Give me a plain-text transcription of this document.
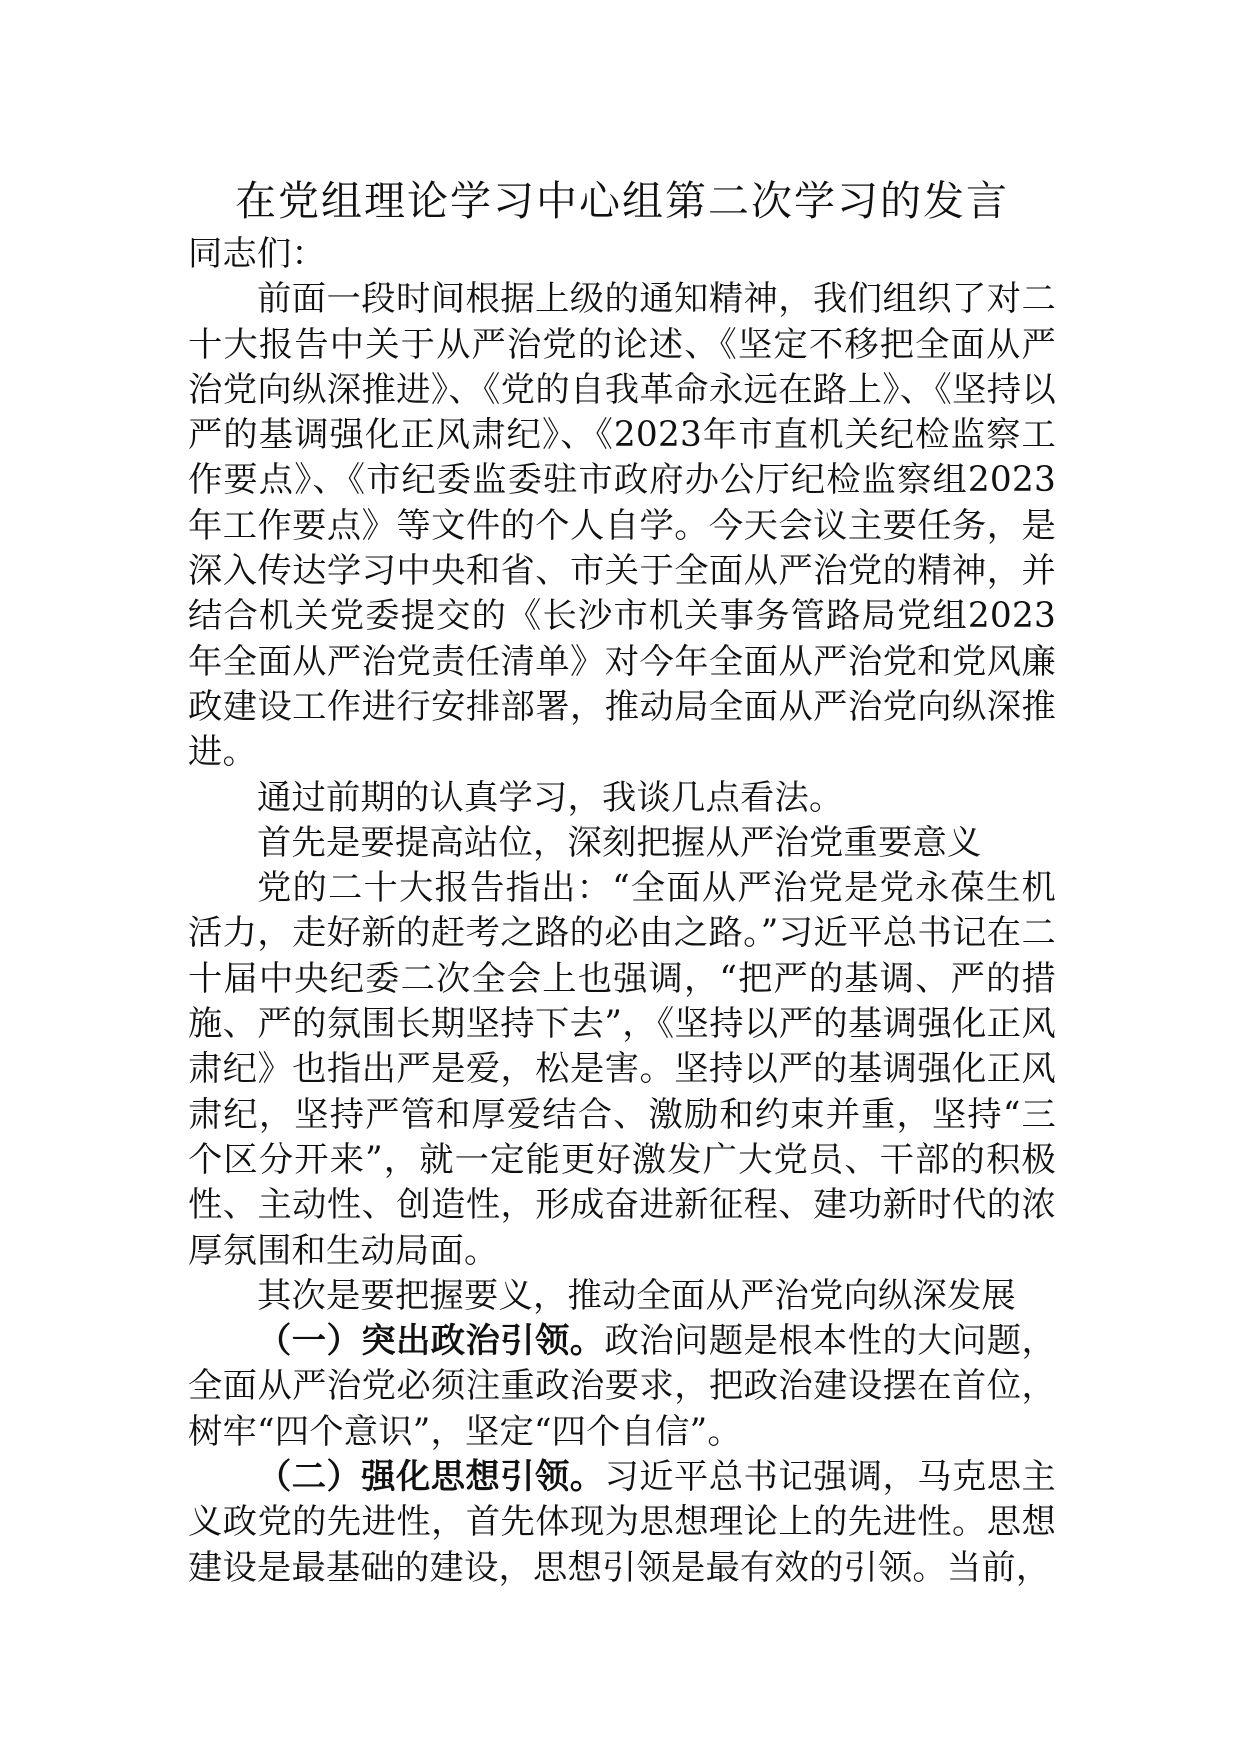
在党组理论学习中心组第二次学习的发言

同志们：

前面一段时间根据上级的通知精神，我们组织了对二十大报告中关于从严治党的论述、《坚定不移把全面从严治党向纵深推进》、《党的自我革命永远在路上》、《坚持以严的基调强化正风肃纪》、《2023年市直机关纪检监察工作要点》、《市纪委监委驻市政府办公厅纪检监察组2023年工作要点》等文件的个人自学。今天会议主要任务，是深入传达学习中央和省、市关于全面从严治党的精神，并结合机关党委提交的《长沙市机关事务管路局党组2023年全面从严治党责任清单》对今年全面从严治党和党风廉政建设工作进行安排部署，推动局全面从严治党向纵深推进。

通过前期的认真学习，我谈几点看法。

首先是要提高站位，深刻把握从严治党重要意义

党的二十大报告指出：“全面从严治党是党永葆生机活力，走好新的赶考之路的必由之路。”习近平总书记在二十届中央纪委二次全会上也强调，“把严的基调、严的措施、严的氛围长期坚持下去”，《坚持以严的基调强化正风肃纪》也指出严是爱，松是害。坚持以严的基调强化正风肃纪，坚持严管和厚爱结合、激励和约束并重，坚持“三个区分开来”，就一定能更好激发广大党员、干部的积极性、主动性、创造性，形成奋进新征程、建功新时代的浓厚氛围和生动局面。

其次是要把握要义，推动全面从严治党向纵深发展

（一）突出政治引领。政治问题是根本性的大问题，全面从严治党必须注重政治要求，把政治建设摆在首位，树牢“四个意识”，坚定“四个自信”。

（二）强化思想引领。习近平总书记强调，马克思主义政党的先进性，首先体现为思想理论上的先进性。思想建设是最基础的建设，思想引领是最有效的引领。当前，
